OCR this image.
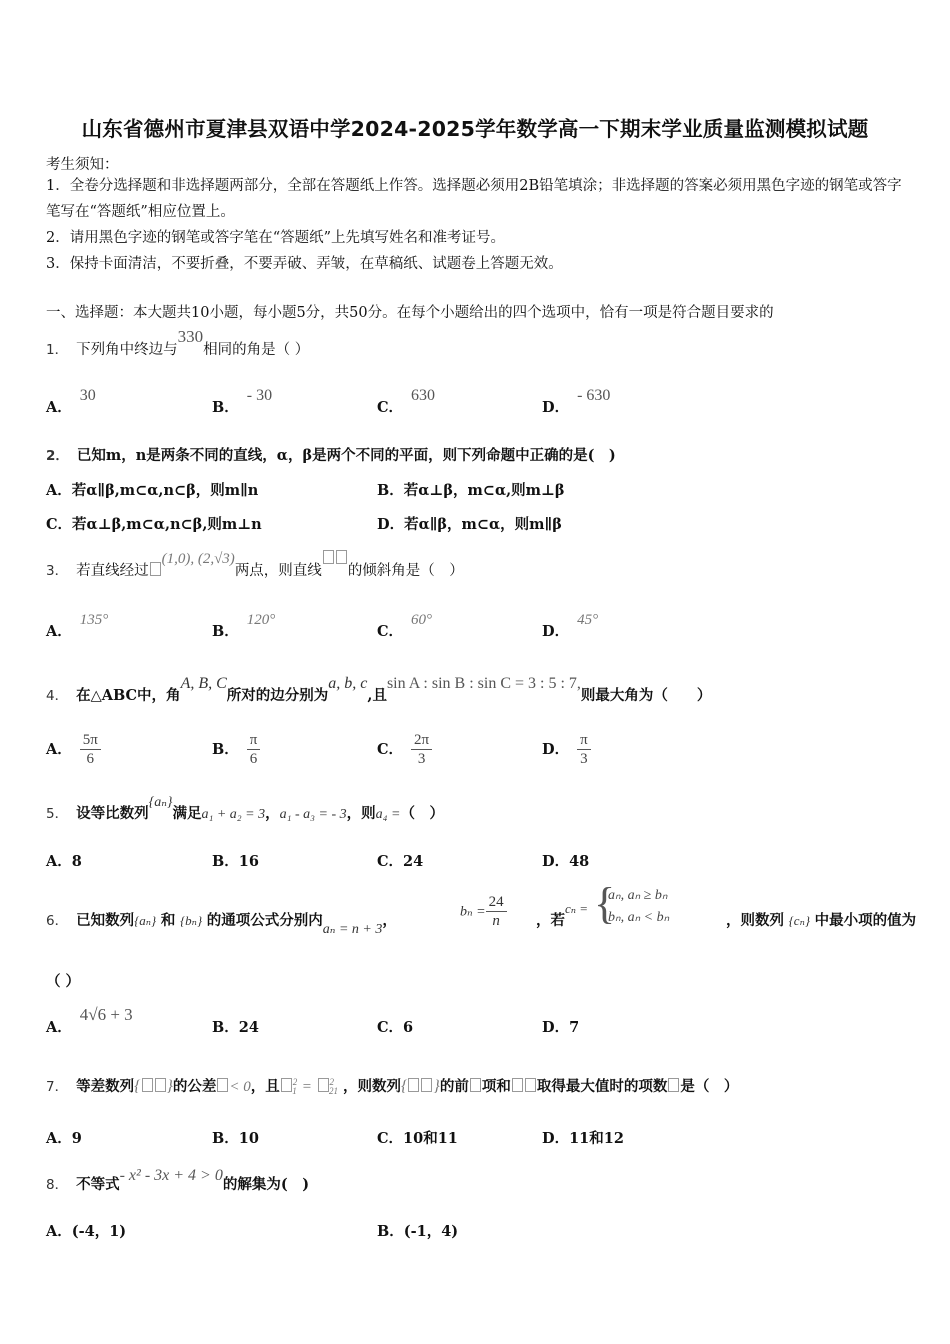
山东省德州市夏津县双语中学2024-2025学年数学高一下期末学业质量监测模拟试题
考生须知：
1．全卷分选择题和非选择题两部分，全部在答题纸上作答。选择题必须用2B铅笔填涂；非选择题的答案必须用黑色字迹的钢笔或答字笔写在“答题纸”相应位置上。
2．请用黑色字迹的钢笔或答字笔在“答题纸”上先填写姓名和准考证号。
3．保持卡面清洁，不要折叠，不要弄破、弄皱，在草稿纸、试题卷上答题无效。
一、选择题：本大题共10小题，每小题5分，共50分。在每个小题给出的四个选项中，恰有一项是符合题目要求的
1． 下列角中终边与330相同的角是（ ）
A．30
B．- 30
C．630
D．- 630
2． 已知m，n是两条不同的直线，α，β是两个不同的平面，则下列命题中正确的是(　)
A．若α∥β,m⊂α,n⊂β，则m∥n	B．若α⊥β，m⊂α,则m⊥β
C．若α⊥β,m⊂α,n⊂β,则m⊥n	D．若α∥β，m⊂α，则m∥β
3． 若直线经过(1,0), (2,√3)两点，则直线 的倾斜角是（　）
A．135°
B．120°
C．60°
D．45°
4． 在△ABC中，角A, B, C所对的边分别为a, b, c,且sin A : sin B : sin C = 3 : 5 : 7,则最大角为（　　）
A． $\frac{5\pi}{6}$	B． $\frac{\pi}{6}$	C． $\frac{2\pi}{3}$	D． $\frac{\pi}{3}$
5． 设等比数列{aₙ}满足a₁ + a₂ = 3，a₁ - a₃ = - 3，则a₄ =（　）
A．8	B．16	C．24	D．48
6． 已知数列{aₙ} 和 {bₙ} 的通项公式分别内aₙ = n + 3，	$b_n = \frac{24}{n}$ ，若cₙ =
{ aₙ, aₙ ≥ bₙ
bₙ, aₙ < bₙ	，则数列 {cₙ} 中最小项的值为
（ ）
A．4√6 + 3
B．24	C．6	D．7
7． 等差数列{ }的公差 < 0，且 $^2_1$ = $^2_{21}$ ，则数列{ }的前 项和 取得最大值时的项数 是（　）
A．9	B．10	C．10和11	D．11和12
8． 不等式- x² - 3x + 4 > 0的解集为(　)
A．(-4，1)	B．(-1，4)
